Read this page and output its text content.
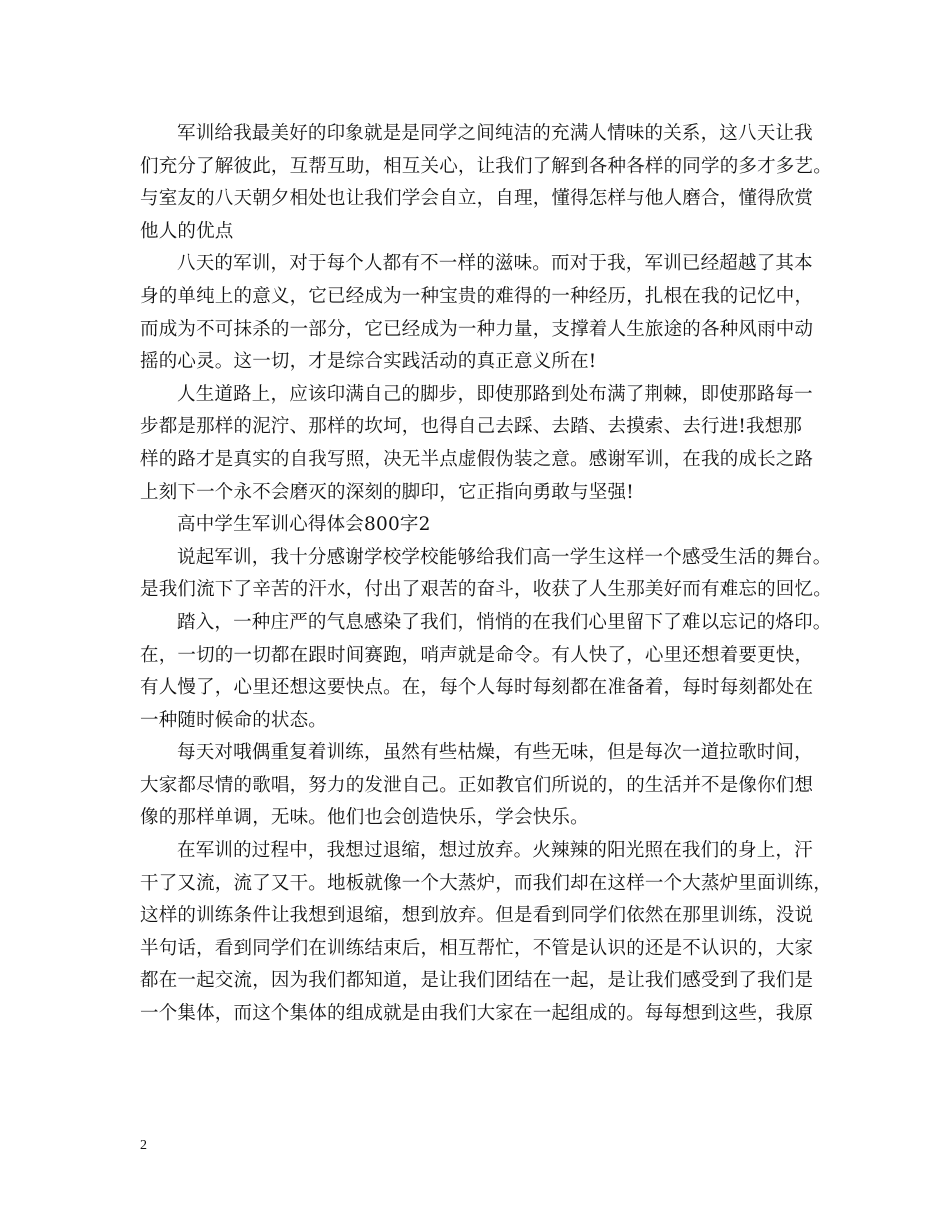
军训给我最美好的印象就是是同学之间纯洁的充满人情味的关系，这八天让我
们充分了解彼此，互帮互助，相互关心，让我们了解到各种各样的同学的多才多艺。
与室友的八天朝夕相处也让我们学会自立，自理，懂得怎样与他人磨合，懂得欣赏
他人的优点
八天的军训，对于每个人都有不一样的滋味。而对于我，军训已经超越了其本
身的单纯上的意义，它已经成为一种宝贵的难得的一种经历，扎根在我的记忆中，
而成为不可抹杀的一部分，它已经成为一种力量，支撑着人生旅途的各种风雨中动
摇的心灵。这一切，才是综合实践活动的真正意义所在!
人生道路上，应该印满自己的脚步，即使那路到处布满了荆棘，即使那路每一
步都是那样的泥泞、那样的坎坷，也得自己去踩、去踏、去摸索、去行进!我想那
样的路才是真实的自我写照，决无半点虚假伪装之意。感谢军训，在我的成长之路
上刻下一个永不会磨灭的深刻的脚印，它正指向勇敢与坚强!
高中学生军训心得体会800字2
说起军训，我十分感谢学校学校能够给我们高一学生这样一个感受生活的舞台。
是我们流下了辛苦的汗水，付出了艰苦的奋斗，收获了人生那美好而有难忘的回忆。
踏入，一种庄严的气息感染了我们，悄悄的在我们心里留下了难以忘记的烙印。
在，一切的一切都在跟时间赛跑，哨声就是命令。有人快了，心里还想着要更快，
有人慢了，心里还想这要快点。在，每个人每时每刻都在准备着，每时每刻都处在
一种随时候命的状态。
每天对哦偶重复着训练，虽然有些枯燥，有些无味，但是每次一道拉歌时间，
大家都尽情的歌唱，努力的发泄自己。正如教官们所说的，的生活并不是像你们想
像的那样单调，无味。他们也会创造快乐，学会快乐。
在军训的过程中，我想过退缩，想过放弃。火辣辣的阳光照在我们的身上，汗
干了又流，流了又干。地板就像一个大蒸炉，而我们却在这样一个大蒸炉里面训练，
这样的训练条件让我想到退缩，想到放弃。但是看到同学们依然在那里训练，没说
半句话，看到同学们在训练结束后，相互帮忙，不管是认识的还是不认识的，大家
都在一起交流，因为我们都知道，是让我们团结在一起，是让我们感受到了我们是
一个集体，而这个集体的组成就是由我们大家在一起组成的。每每想到这些，我原
2
